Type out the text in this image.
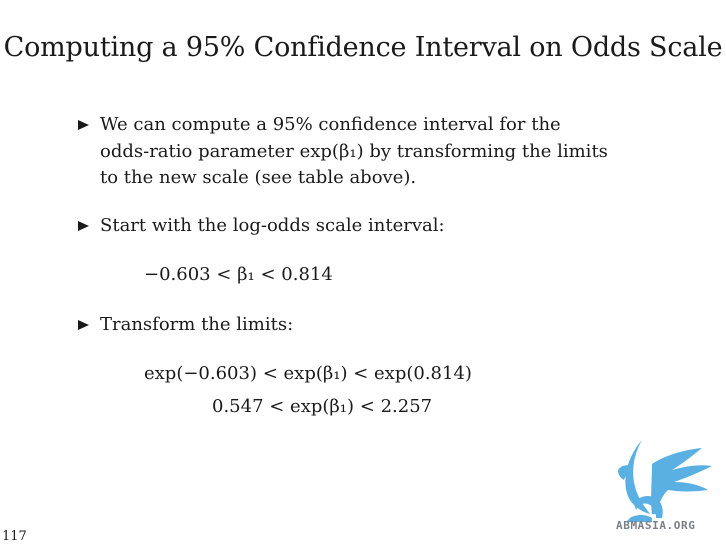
Computing a 95% Confidence Interval on Odds Scale
We can compute a 95% confidence interval for the
odds-ratio parameter exp(β₁) by transforming the limits
to the new scale (see table above).
Start with the log-odds scale interval:
−0.603 < β₁ < 0.814
Transform the limits:
exp(−0.603) < exp(β₁) < exp(0.814)
0.547 < exp(β₁) < 2.257
117
ABMASIA.ORG
